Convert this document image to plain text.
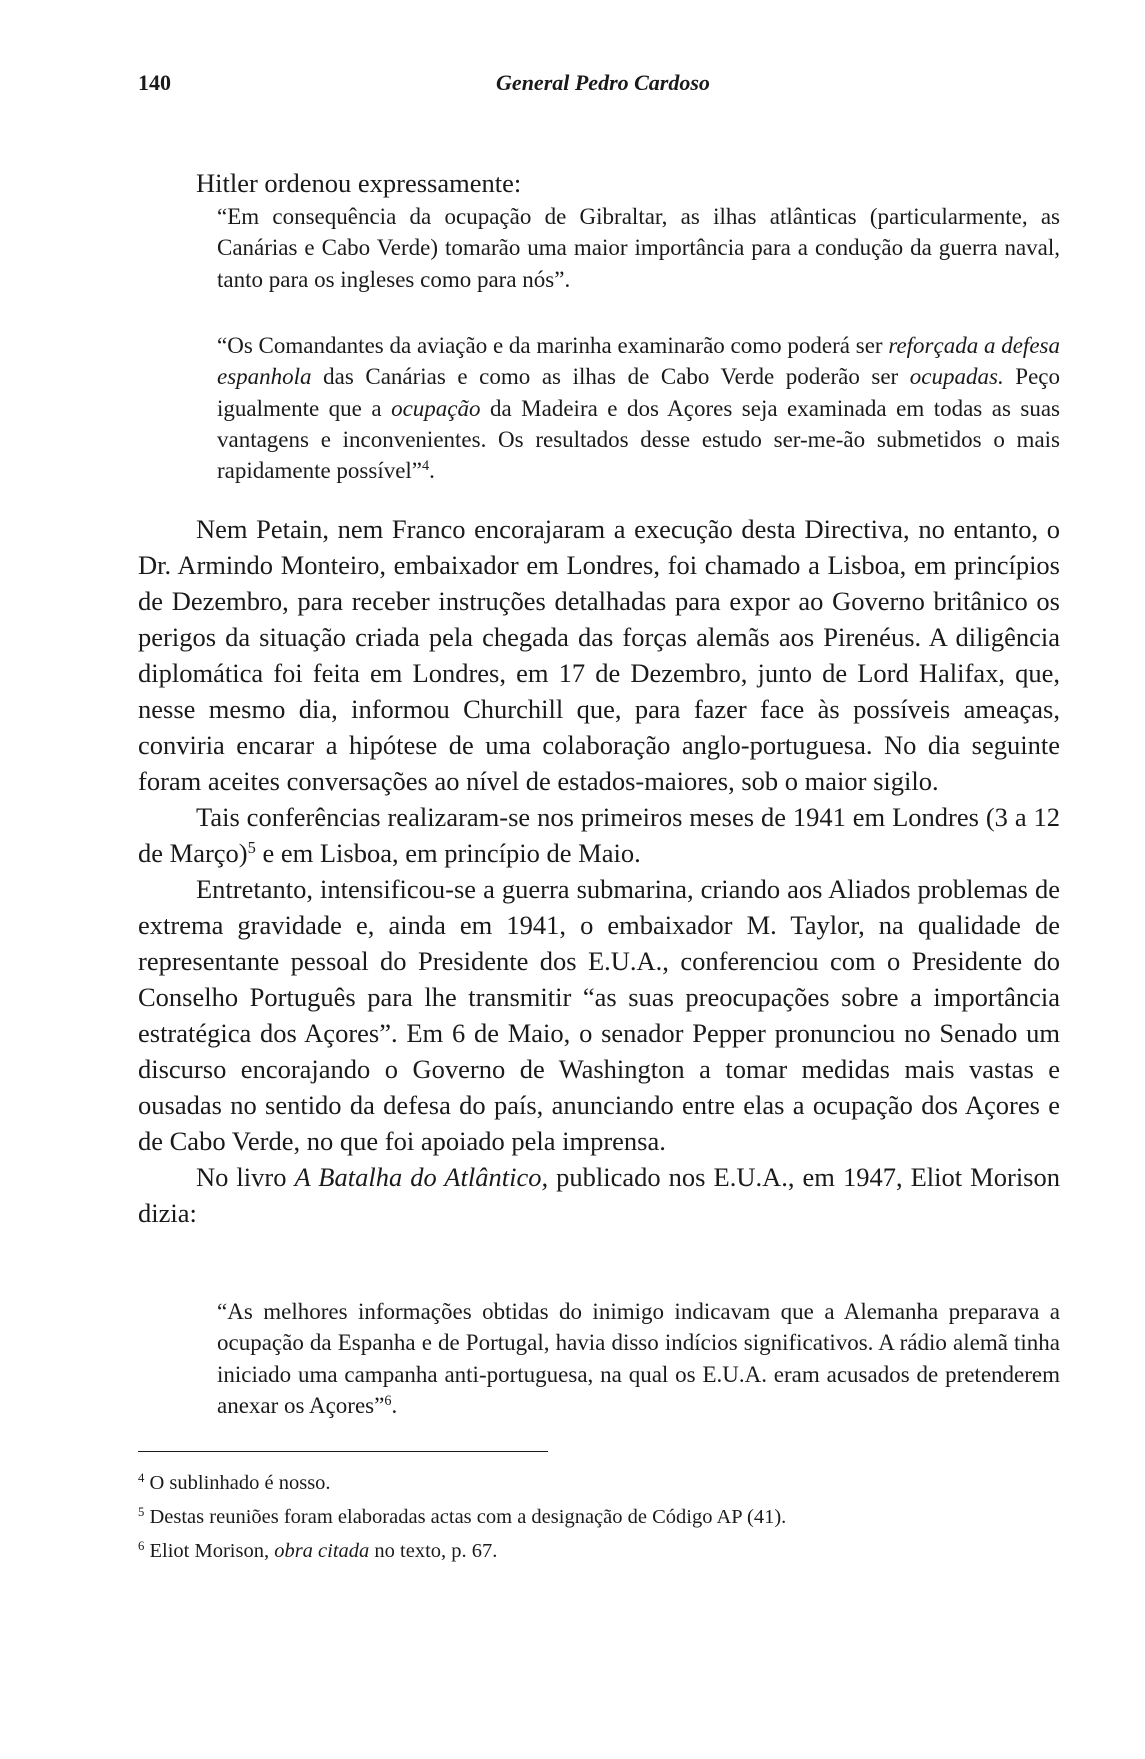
140	General Pedro Cardoso

Hitler ordenou expressamente:

“Em consequência da ocupação de Gibraltar, as ilhas atlânticas (particularmente, as Canárias e Cabo Verde) tomarão uma maior importância para a condução da guerra naval, tanto para os ingleses como para nós”.

“Os Comandantes da aviação e da marinha examinarão como poderá ser reforçada a defesa espanhola das Canárias e como as ilhas de Cabo Verde poderão ser ocupadas. Peço igualmente que a ocupação da Madeira e dos Açores seja examinada em todas as suas vantagens e inconvenientes. Os resultados desse estudo ser-me-ão submetidos o mais rapidamente possível”$^4$.

Nem Petain, nem Franco encorajaram a execução desta Directiva, no entanto, o Dr. Armindo Monteiro, embaixador em Londres, foi chamado a Lisboa, em princípios de Dezembro, para receber instruções detalhadas para expor ao Governo britânico os perigos da situação criada pela chegada das forças alemãs aos Pirenéus. A diligência diplomática foi feita em Londres, em 17 de Dezembro, junto de Lord Halifax, que, nesse mesmo dia, informou Churchill que, para fazer face às possíveis ameaças, conviria encarar a hipótese de uma colaboração anglo-portuguesa. No dia seguinte foram aceites conversações ao nível de estados-maiores, sob o maior sigilo.

Tais conferências realizaram-se nos primeiros meses de 1941 em Londres (3 a 12 de Março)$^5$ e em Lisboa, em princípio de Maio.

Entretanto, intensificou-se a guerra submarina, criando aos Aliados problemas de extrema gravidade e, ainda em 1941, o embaixador M. Taylor, na qualidade de representante pessoal do Presidente dos E.U.A., conferenciou com o Presidente do Conselho Português para lhe transmitir “as suas preocupações sobre a importância estratégica dos Açores”. Em 6 de Maio, o senador Pepper pronunciou no Senado um discurso encorajando o Governo de Washington a tomar medidas mais vastas e ousadas no sentido da defesa do país, anunciando entre elas a ocupação dos Açores e de Cabo Verde, no que foi apoiado pela imprensa.

No livro A Batalha do Atlântico, publicado nos E.U.A., em 1947, Eliot Morison dizia:

“As melhores informações obtidas do inimigo indicavam que a Alemanha preparava a ocupação da Espanha e de Portugal, havia disso indícios significativos. A rádio alemã tinha iniciado uma campanha anti-portuguesa, na qual os E.U.A. eram acusados de pretenderem anexar os Açores”$^6$.

$^4$ O sublinhado é nosso.

$^5$ Destas reuniões foram elaboradas actas com a designação de Código AP (41).

$^6$ Eliot Morison, obra citada no texto, p. 67.
